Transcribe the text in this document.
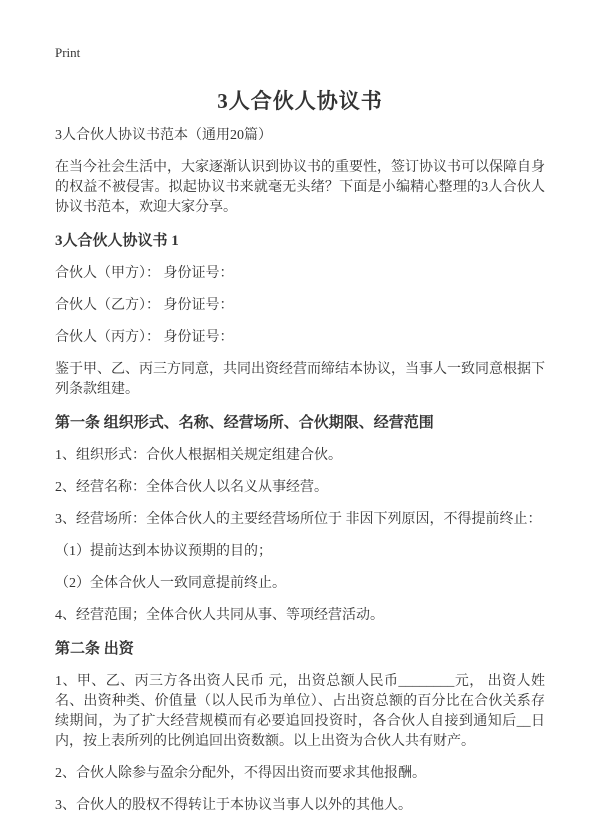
Print
3人合伙人协议书

3人合伙人协议书范本（通用20篇）

在当今社会生活中，大家逐渐认识到协议书的重要性，签订协议书可以保障自身的权益不被侵害。拟起协议书来就毫无头绪？下面是小编精心整理的3人合伙人协议书范本，欢迎大家分享。

3人合伙人协议书 1

合伙人（甲方）： 身份证号：

合伙人（乙方）： 身份证号：

合伙人（丙方）： 身份证号：

鉴于甲、乙、丙三方同意，共同出资经营而缔结本协议，当事人一致同意根据下列条款组建。

第一条 组织形式、名称、经营场所、合伙期限、经营范围

1、组织形式：合伙人根据相关规定组建合伙。

2、经营名称：全体合伙人以名义从事经营。

3、经营场所：全体合伙人的主要经营场所位于 非因下列原因，不得提前终止：

（1）提前达到本协议预期的目的；

（2）全体合伙人一致同意提前终止。

4、经营范围；全体合伙人共同从事、等项经营活动。

第二条 出资

1、甲、乙、丙三方各出资人民币 元，出资总额人民币________元， 出资人姓名、出资种类、价值量（以人民币为单位）、占出资总额的百分比在合伙关系存续期间，为了扩大经营规模而有必要追回投资时，各合伙人自接到通知后__日内，按上表所列的比例追回出资数额。以上出资为合伙人共有财产。

2、合伙人除参与盈余分配外，不得因出资而要求其他报酬。

3、合伙人的股权不得转让于本协议当事人以外的其他人。
